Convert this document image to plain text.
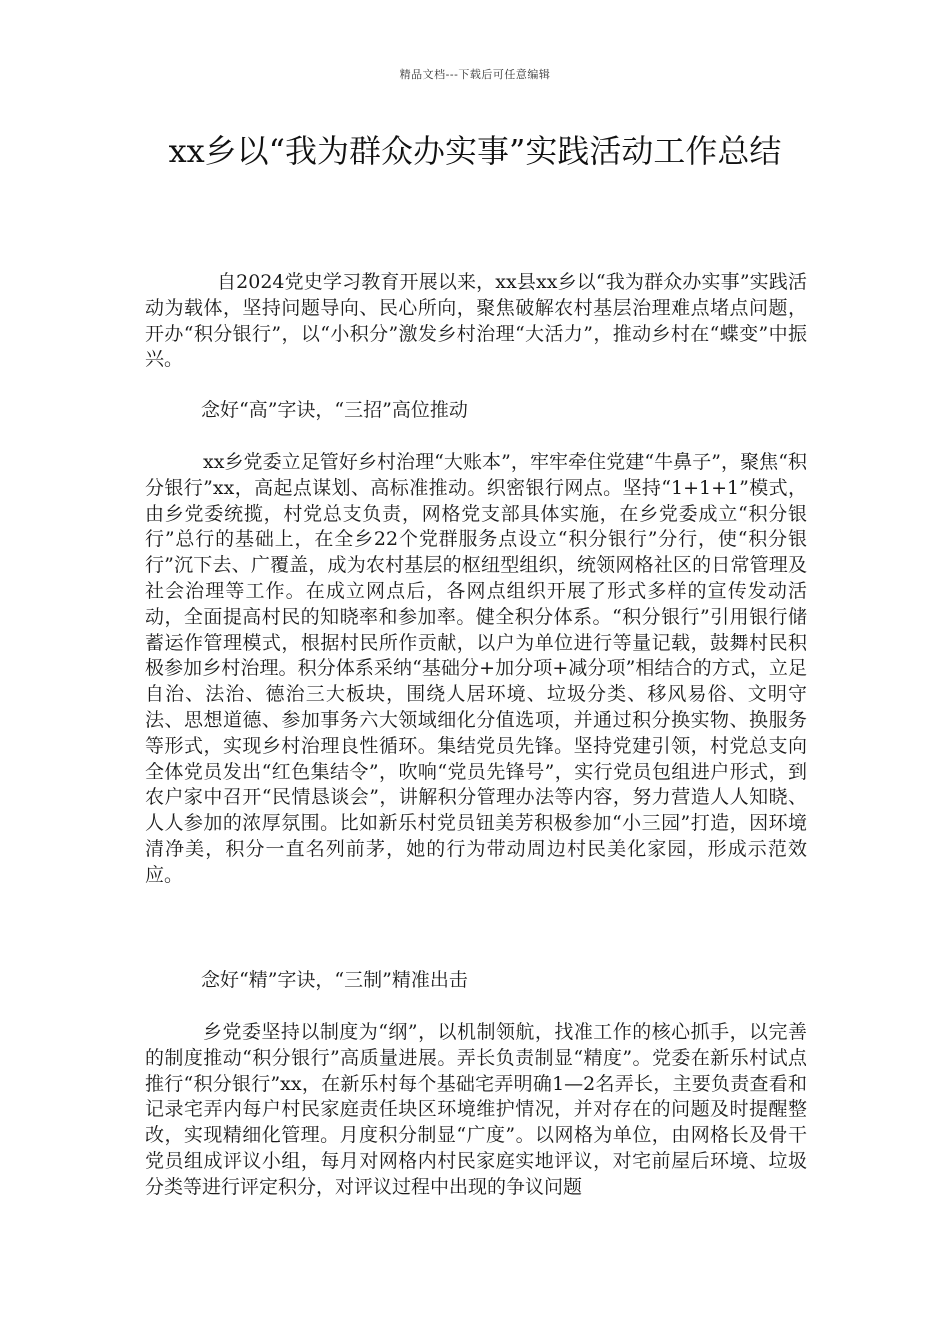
精品文档---下载后可任意编辑
xx乡以“我为群众办实事”实践活动工作总结

自2024党史学习教育开展以来，xx县xx乡以“我为群众办实事”实践活动为载体，坚持问题导向、民心所向，聚焦破解农村基层治理难点堵点问题，开办“积分银行”，以“小积分”激发乡村治理“大活力”，推动乡村在“蝶变”中振兴。

念好“高”字诀，“三招”高位推动

xx乡党委立足管好乡村治理“大账本”，牢牢牵住党建“牛鼻子”，聚焦“积分银行”xx，高起点谋划、高标准推动。织密银行网点。坚持“1+1+1”模式，由乡党委统揽，村党总支负责，网格党支部具体实施，在乡党委成立“积分银行”总行的基础上，在全乡22个党群服务点设立“积分银行”分行，使“积分银行”沉下去、广覆盖，成为农村基层的枢纽型组织，统领网格社区的日常管理及社会治理等工作。在成立网点后，各网点组织开展了形式多样的宣传发动活动，全面提高村民的知晓率和参加率。健全积分体系。“积分银行”引用银行储蓄运作管理模式，根据村民所作贡献，以户为单位进行等量记载，鼓舞村民积极参加乡村治理。积分体系采纳“基础分+加分项+减分项”相结合的方式，立足自治、法治、德治三大板块，围绕人居环境、垃圾分类、移风易俗、文明守法、思想道德、参加事务六大领域细化分值选项，并通过积分换实物、换服务等形式，实现乡村治理良性循环。集结党员先锋。坚持党建引领，村党总支向全体党员发出“红色集结令”，吹响“党员先锋号”，实行党员包组进户形式，到农户家中召开“民情恳谈会”，讲解积分管理办法等内容，努力营造人人知晓、人人参加的浓厚氛围。比如新乐村党员钮美芳积极参加“小三园”打造，因环境清净美，积分一直名列前茅，她的行为带动周边村民美化家园，形成示范效应。

念好“精”字诀，“三制”精准出击

乡党委坚持以制度为“纲”，以机制领航，找准工作的核心抓手，以完善的制度推动“积分银行”高质量进展。弄长负责制显“精度”。党委在新乐村试点推行“积分银行”xx，在新乐村每个基础宅弄明确1—2名弄长，主要负责查看和记录宅弄内每户村民家庭责任块区环境维护情况，并对存在的问题及时提醒整改，实现精细化管理。月度积分制显“广度”。以网格为单位，由网格长及骨干党员组成评议小组，每月对网格内村民家庭实地评议，对宅前屋后环境、垃圾分类等进行评定积分，对评议过程中出现的争议问题
